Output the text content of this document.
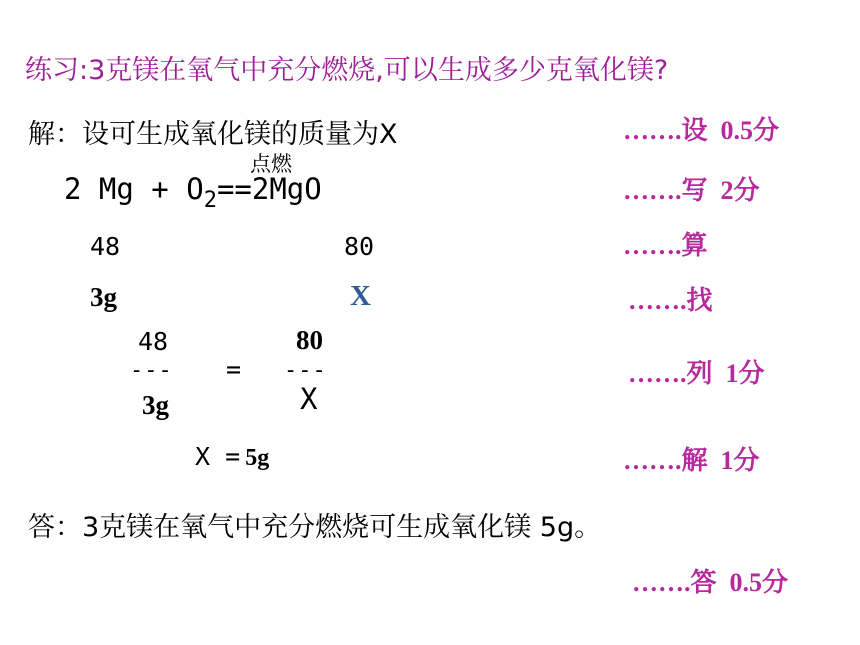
练习:3克镁在氧气中充分燃烧,可以生成多少克氧化镁?
解：设可生成氧化镁的质量为X
点燃
2 $Mg + O_2==2MgO$
48	80
3g	X
48
---
3g
=
80
---
X
X = 5g
答：3克镁在氧气中充分燃烧可生成氧化镁 5g。
…….设 0.5分
…….写 2分
…….算
…….找
…….列 1分
…….解 1分
…….答 0.5分
